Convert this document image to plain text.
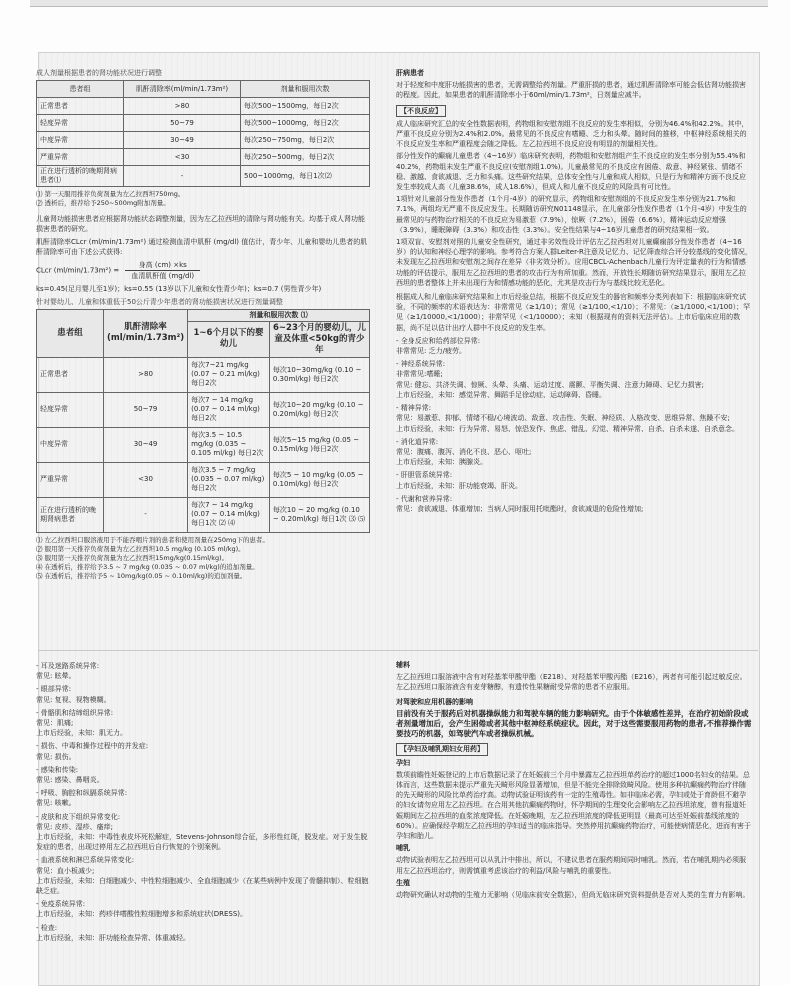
成人剂量根据患者的肾功能状况进行调整

患者组	肌酐清除率(ml/min/1.73m²)	剂量和服用次数
正常患者	>80	每次500~1500mg，每日2次
轻度异常	50~79	每次500~1000mg，每日2次
中度异常	30~49	每次250~750mg，每日2次
严重异常	<30	每次250~500mg，每日2次
正在进行透析的晚期肾病患者⑴	-	500~1000mg，每日1次⑵

⑴ 第一天服用推荐负荷剂量为左乙拉西坦750mg。

⑵ 透析后，推荐给予250~500mg附加剂量。

儿童肾功能损害患者应根据肾功能状态调整剂量，因为左乙拉西坦的清除与肾功能有关。均基于成人肾功能损害患者的研究。

肌酐清除率CLcr (ml/min/1.73m²) 通过检测血清中肌酐 (mg/dl) 值估计，青少年、儿童和婴幼儿患者的肌酐清除率可由下述公式获得:

CLcr $(ml/\min/1.73m^2) = \frac{\text{身高 (cm) ×ks}}{\text{血清肌酐值 (mg/dl)}}$

ks=0.45(足月婴儿至1岁)；ks=0.55 (13岁以下儿童和女性青少年)；ks=0.7 (男性青少年)

针对婴幼儿、儿童和体重低于50公斤青少年患者的肾功能损害状况进行剂量调整

患者组	肌酐清除率(ml/min/1.73m²)	剂量和服用次数 ⑴	
		1~6个月以下的婴幼儿	6~23个月的婴幼儿，儿童及体重<50kg的青少年
正常患者	>80	每次7~21 mg/kg (0.07 ~ 0.21 ml/kg) 每日2次	每次10~30mg/kg (0.10 ~ 0.30ml/kg) 每日2次
轻度异常	50~79	每次7 ~ 14 mg/kg (0.07 ~ 0.14 ml/kg) 每日2次	每次10~20 mg/kg (0.10 ~ 0.20ml/kg) 每日2次
中度异常	30~49	每次3.5 ~ 10.5 mg/kg (0.035 ~ 0.105 ml/kg) 每日2次	每次5~15 mg/kg (0.05 ~ 0.15ml/kg )每日2次
严重异常	<30	每次3.5 ~ 7 mg/kg (0.035 ~ 0.07 ml/kg) 每日2次	每次5 ~ 10 mg/kg (0.05 ~ 0.10ml/kg) 每日2次
正在进行透析的晚期肾病患者	-	每次7 ~ 14 mg/kg (0.07 ~ 0.14 ml/kg) 每日1次 ⑵ ⑷	每次10 ~ 20 mg/kg (0.10 ~ 0.20ml/kg) 每日1次 ⑶ ⑸

⑴ 左乙拉西坦口服溶液用于不能吞咽片剂的患者和使用剂量在250mg下的患者。

⑵ 服用第一天推荐负荷剂量为左乙拉西坦10.5 mg/kg (0.105 ml/kg)。

⑶ 服用第一天推荐负荷剂量为左乙拉西坦15mg/kg(0.15ml/kg)。

⑷ 在透析后，推荐给予3.5 ~ 7 mg/kg (0.035 ~ 0.07 ml/kg)的追加剂量。

⑸ 在透析后，推荐给予5 ~ 10mg/kg(0.05 ~ 0.10ml/kg)的追加剂量。

肝病患者

对于轻度和中度肝功能损害的患者，无需调整给药剂量。严重肝损的患者，通过肌酐清除率可能会低估肾功能损害的程度。因此，如果患者的肌酐清除率小于60ml/min/1.73m²，日剂量应减半。

【不良反应】

成人临床研究汇总的安全性数据表明，药物组和安慰剂组不良反应的发生率相似，分别为46.4%和42.2%。其中，严重不良反应分别为2.4%和2.0%。最常见的不良反应有嗜睡、乏力和头晕。随时间的推移，中枢神经系统相关的不良反应发生率和严重程度会随之降低。左乙拉西坦不良反应没有明显的剂量相关性。

部分性发作的癫痫儿童患者（4~16岁）临床研究表明，药物组和安慰剂组产生不良反应的发生率分别为55.4%和40.2%，药物组未发生严重不良反应(安慰剂组1.0%)。儿童最常见的不良反应有困倦、敌意、神经紧张、情绪不稳、激越、食欲减退、乏力和头痛。这些研究结果，总体安全性与儿童和成人相似，只是行为和精神方面不良反应发生率较成人高（儿童38.6%，成人18.6%），但成人和儿童不良反应的风险具有可比性。

1项针对儿童部分性发作患者（1个月-4岁）的研究显示，药物组和安慰剂组的不良反应发生率分别为21.7%和7.1%，两组均无严重不良反应发生。长期随访研究N01148显示，在儿童部分性发作患者（1个月-4岁）中发生的最常见的与药物治疗相关的不良反应为易激惹（7.9%），惊厥（7.2%），困倦（6.6%），精神运动反应增强（3.9%），睡眠障碍（3.3%）和攻击性（3.3%）。安全性结果与4~16岁儿童患者的研究结果相一致。

1项双盲、安慰剂对照的儿童安全性研究，通过非劣效性设计评估左乙拉西坦对儿童癫痫部分性发作患者（4~16岁）的认知和神经心理学的影响。参考符合方案人群Leiter-R注意及记忆力、记忆筛查综合评分较基线的变化情况，未发现左乙拉西坦和安慰剂之间存在差异（非劣效分析）。应用CBCL-Achenbach儿童行为评定量表的行为和情感功能的评估提示，服用左乙拉西坦的患者的攻击行为有所加重。然而，开放性长期随访研究结果显示，服用左乙拉西坦的患者整体上并未出现行为和情感功能的恶化，尤其是攻击行为与基线比较无恶化。

根据成人和儿童临床研究结果和上市后经验总结，根据不良反应发生的器官和频率分类列表如下：根据临床研究试验，不同的频率的术语表达为：非常常见（≥1/10）；常见（≥1/100,<1/10）；不常见：（≥1/1000,<1/100）；罕见（≥1/10000,<1/1000）；非常罕见（<1/10000）；未知（根据现有的资料无法评估）。上市后临床应用的数据，尚不足以估计出疗人群中不良反应的发生率。

- 全身反应和给药部位异常:

非常常见: 乏力/疲劳。

- 神经系统异常:

非常常见:嗜睡;
常见: 健忘、共济失调、惊厥、头晕、头痛、运动过度、震颤、平衡失调、注意力障碍、记忆力损害;
上市后经验，未知：感觉异常、舞蹈手足徐动症、运动障碍、昏睡。

- 精神异常:

常见：易激惹、抑郁、情绪不稳/心境波动、敌意、攻击性、失眠、神经质、人格改变、思维异常、焦躁不安;
上市后经验，未知：行为异常、易怒、惊恐发作、焦虑、错乱、幻觉、精神异常、自杀、自杀未遂、自杀意念。

- 消化道异常:

常见：腹痛、腹泻、消化不良、恶心、呕吐;
上市后经验，未知：胰腺炎。

- 肝胆管系统异常:

上市后经验，未知：肝功能衰竭、肝炎。

- 代谢和营养异常:

常见：食欲减退、体重增加；当病人同时服用托吡酯时，食欲减退的危险性增加;

- 耳及迷路系统异常:

常见: 眩晕。

- 眼部异常:

常见: 复视、视物模糊。

- 骨骼肌和结缔组织异常:

常见：肌痛;
上市后经验，未知：肌无力。

- 损伤、中毒和操作过程中的并发症:

常见: 损伤。

- 感染和传染:

常见: 感染、鼻咽炎。

- 呼吸、胸腔和纵膈系统异常:

常见: 咳嗽。

- 皮肤和皮下组织异常变化:

常见: 皮疹、湿疹、瘙痒;
上市后经验，未知：中毒性表皮坏死松解症，Stevens-Johnson综合征，多形性红斑，脱发症。对于发生脱发症的患者，出现过停用左乙拉西坦后自行恢复的个别案例。

- 血液系统和淋巴系统异常变化:

常见：血小板减少;
上市后经验，未知：白细胞减少、中性粒细胞减少、全血细胞减少（在某些病例中发现了骨髓抑制）、粒细胞缺乏症。

- 免疫系统异常:

上市后经验，未知：药疹伴嗜酸性粒细胞增多和系统症状(DRESS)。

- 检查:

上市后经验，未知：肝功能检查异常、体重减轻。

辅料

左乙拉西坦口服溶液中含有对羟基苯甲酸甲酯（E218）、对羟基苯甲酸丙酯（E216），两者有可能引起过敏反应。左乙拉西坦口服溶液含有麦芽糖醇，有遗传性果糖耐受异常的患者不应服用。

对驾驶和应用机器的影响

目前没有关于服药后对机器操纵能力和驾驶车辆的能力影响研究。由于个体敏感性差异，在治疗初始阶段或者剂量增加后，会产生困倦或者其他中枢神经系统症状。因此，对于这些需要服用药物的患者,不推荐操作需要技巧的机器，如驾驶汽车或者操纵机械。

【孕妇及哺乳期妇女用药】

孕妇

数项前瞻性妊娠登记的上市后数据记录了在妊娠前三个月中暴露左乙拉西坦单药治疗的超过1000名妇女的结果。总体而言，这些数据未提示严重先天畸形风险显著增加，但是不能完全排除致畸风险。使用多种抗癫痫药物治疗伴随的先天畸形的风险比单药治疗高。动物试验证明该药有一定的生殖毒性。如非临床必需，孕妇或处于育龄但不避孕的妇女请勿应用左乙拉西坦。在合用其他抗癫痫药物时，怀孕期间的生理变化会影响左乙拉西坦浓度，曾有报道妊娠期间左乙拉西坦的血浆浓度降低。在妊娠晚期，左乙拉西坦浓度的降低更明显（最高可达至妊娠前基线浓度的60%）。应确保经孕期左乙拉西坦的孕妇适当的临床指导。突然停用抗癫痫药物治疗，可能使病情恶化，进而有害于孕妇和胎儿。

哺乳

动物试验表明左乙拉西坦可以从乳汁中排出，所以，不建议患者在服药期间同时哺乳。然而，若在哺乳期内必须服用左乙拉西坦治疗，则需慎重考虑该治疗的利益/风险与哺乳的重要性。

生殖

动物研究确认对动物的生殖力无影响（见临床前安全数据），但尚无临床研究资料提供是否对人类的生育力有影响。
